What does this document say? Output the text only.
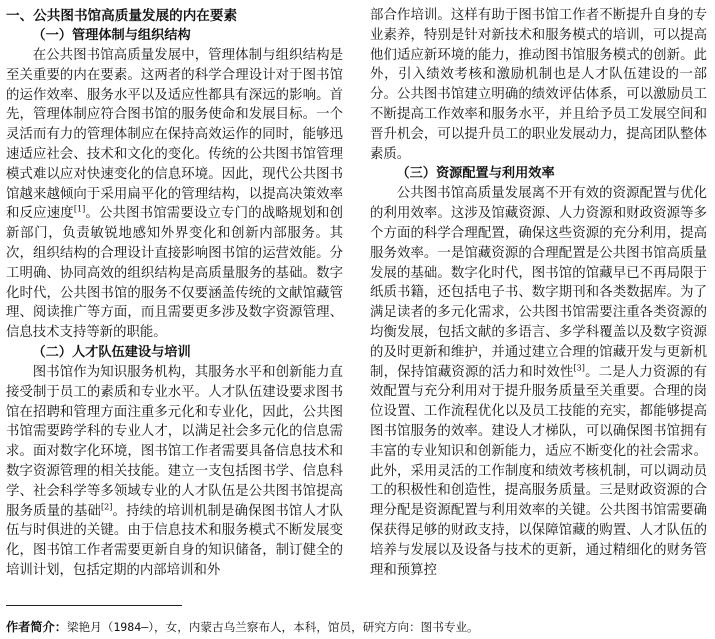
一、公共图书馆高质量发展的内在要素
（一）管理体制与组织结构

在公共图书馆高质量发展中，管理体制与组织结构是至关重要的内在要素。这两者的科学合理设计对于图书馆的运作效率、服务水平以及适应性都具有深远的影响。首先，管理体制应符合图书馆的服务使命和发展目标。一个灵活而有力的管理体制应在保持高效运作的同时，能够迅速适应社会、技术和文化的变化。传统的公共图书馆管理模式难以应对快速变化的信息环境。因此，现代公共图书馆越来越倾向于采用扁平化的管理结构，以提高决策效率和反应速度[1]。公共图书馆需要设立专门的战略规划和创新部门，负责敏锐地感知外界变化和创新内部服务。其次，组织结构的合理设计直接影响图书馆的运营效能。分工明确、协同高效的组织结构是高质量服务的基础。数字化时代，公共图书馆的服务不仅要涵盖传统的文献馆藏管理、阅读推广等方面，而且需要更多涉及数字资源管理、信息技术支持等新的职能。

（二）人才队伍建设与培训

图书馆作为知识服务机构，其服务水平和创新能力直接受制于员工的素质和专业水平。人才队伍建设要求图书馆在招聘和管理方面注重多元化和专业化，因此，公共图书馆需要跨学科的专业人才，以满足社会多元化的信息需求。面对数字化环境，图书馆工作者需要具备信息技术和数字资源管理的相关技能。建立一支包括图书学、信息科学、社会科学等多领域专业的人才队伍是公共图书馆提高服务质量的基础[2]。持续的培训机制是确保图书馆人才队伍与时俱进的关键。由于信息技术和服务模式不断发展变化，图书馆工作者需要更新自身的知识储备，制订健全的培训计划，包括定期的内部培训和外

部合作培训。这样有助于图书馆工作者不断提升自身的专业素养，特别是针对新技术和服务模式的培训，可以提高他们适应新环境的能力，推动图书馆服务模式的创新。此外，引入绩效考核和激励机制也是人才队伍建设的一部分。公共图书馆建立明确的绩效评估体系，可以激励员工不断提高工作效率和服务水平，并且给予员工发展空间和晋升机会，可以提升员工的职业发展动力，提高团队整体素质。

（三）资源配置与利用效率

公共图书馆高质量发展离不开有效的资源配置与优化的利用效率。这涉及馆藏资源、人力资源和财政资源等多个方面的科学合理配置，确保这些资源的充分利用，提高服务效率。一是馆藏资源的合理配置是公共图书馆高质量发展的基础。数字化时代，图书馆的馆藏早已不再局限于纸质书籍，还包括电子书、数字期刊和各类数据库。为了满足读者的多元化需求，公共图书馆需要注重各类资源的均衡发展，包括文献的多语言、多学科覆盖以及数字资源的及时更新和维护，并通过建立合理的馆藏开发与更新机制，保持馆藏资源的活力和时效性[3]。二是人力资源的有效配置与充分利用对于提升服务质量至关重要。合理的岗位设置、工作流程优化以及员工技能的充实，都能够提高图书馆服务的效率。建设人才梯队，可以确保图书馆拥有丰富的专业知识和创新能力，适应不断变化的社会需求。此外，采用灵活的工作制度和绩效考核机制，可以调动员工的积极性和创造性，提高服务质量。三是财政资源的合理分配是资源配置与利用效率的关键。公共图书馆需要确保获得足够的财政支持，以保障馆藏的购置、人才队伍的培养与发展以及设备与技术的更新，通过精细化的财务管理和预算控

作者简介：梁艳月（1984—），女，内蒙古乌兰察布人，本科，馆员，研究方向：图书专业。
